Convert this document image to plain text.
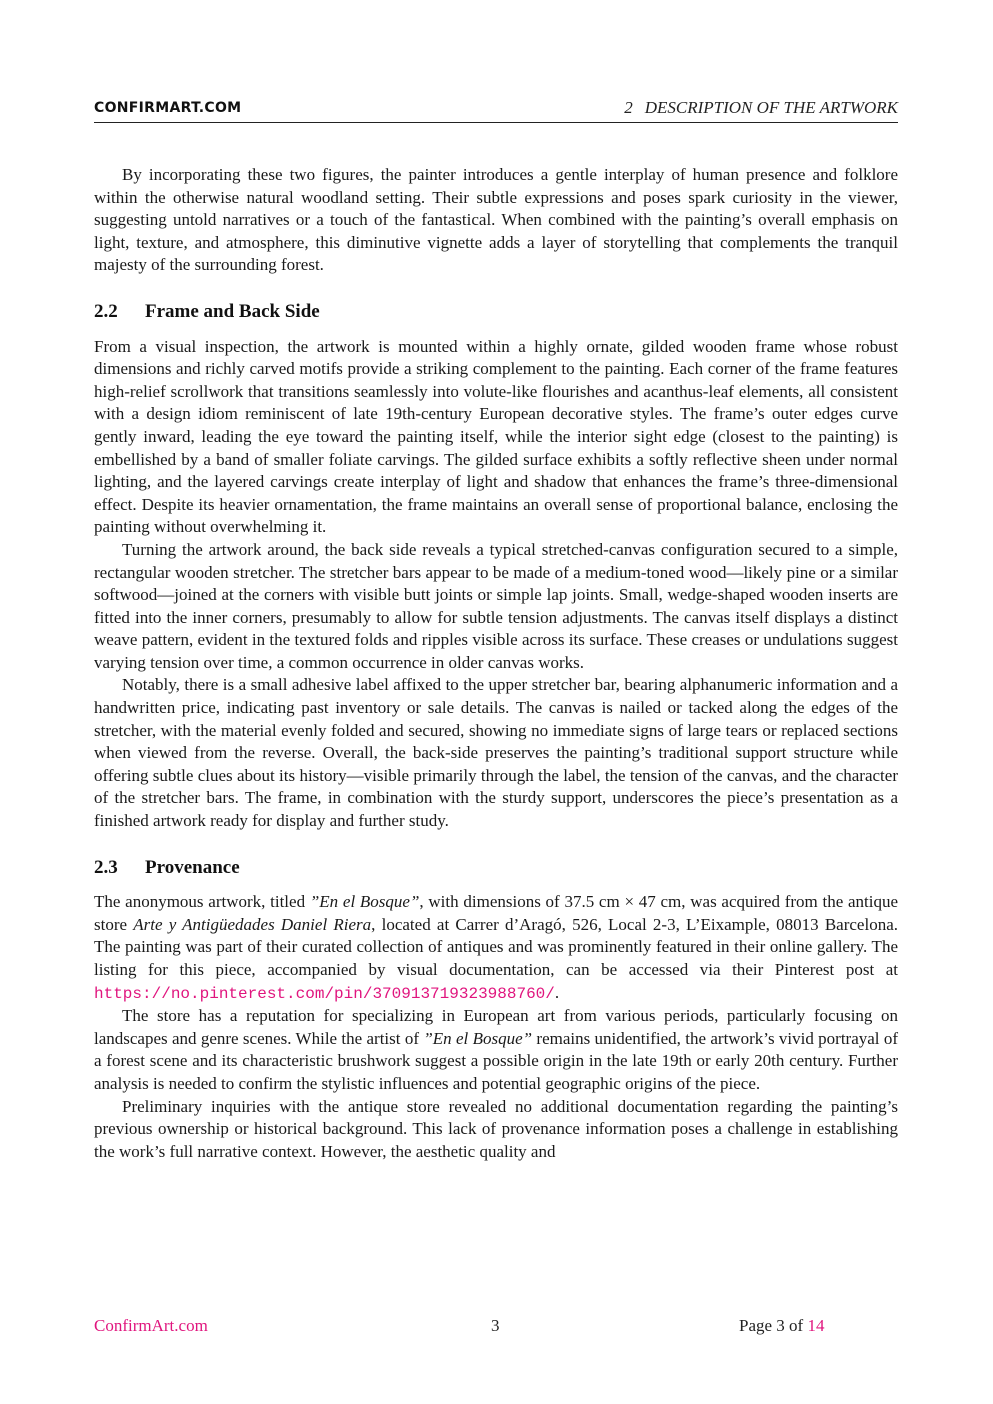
CONFIRMART.COM	2 DESCRIPTION OF THE ARTWORK

By incorporating these two figures, the painter introduces a gentle interplay of human presence and folklore within the otherwise natural woodland setting. Their subtle expressions and poses spark curiosity in the viewer, suggesting untold narratives or a touch of the fantastical. When combined with the painting’s overall emphasis on light, texture, and atmosphere, this diminutive vignette adds a layer of storytelling that complements the tranquil majesty of the surrounding forest.

2.2 Frame and Back Side

From a visual inspection, the artwork is mounted within a highly ornate, gilded wooden frame whose robust dimensions and richly carved motifs provide a striking complement to the painting. Each corner of the frame features high-relief scrollwork that transitions seamlessly into volute-like flourishes and acanthus-leaf elements, all consistent with a design idiom reminiscent of late 19th-century European decorative styles. The frame’s outer edges curve gently inward, leading the eye toward the painting itself, while the interior sight edge (closest to the painting) is embellished by a band of smaller foliate carvings. The gilded surface exhibits a softly reflective sheen under normal lighting, and the layered carvings create interplay of light and shadow that enhances the frame’s three-dimensional effect. Despite its heavier ornamentation, the frame maintains an overall sense of proportional balance, enclosing the painting without overwhelming it.

Turning the artwork around, the back side reveals a typical stretched-canvas configuration secured to a simple, rectangular wooden stretcher. The stretcher bars appear to be made of a medium-toned wood—likely pine or a similar softwood—joined at the corners with visible butt joints or simple lap joints. Small, wedge-shaped wooden inserts are fitted into the inner corners, presumably to allow for subtle tension adjustments. The canvas itself displays a distinct weave pattern, evident in the textured folds and ripples visible across its surface. These creases or undulations suggest varying tension over time, a common occurrence in older canvas works.

Notably, there is a small adhesive label affixed to the upper stretcher bar, bearing alphanumeric information and a handwritten price, indicating past inventory or sale details. The canvas is nailed or tacked along the edges of the stretcher, with the material evenly folded and secured, showing no immediate signs of large tears or replaced sections when viewed from the reverse. Overall, the back-side preserves the painting’s traditional support structure while offering subtle clues about its history—visible primarily through the label, the tension of the canvas, and the character of the stretcher bars. The frame, in combination with the sturdy support, underscores the piece’s presentation as a finished artwork ready for display and further study.

2.3 Provenance

The anonymous artwork, titled ”En el Bosque”, with dimensions of 37.5 cm × 47 cm, was acquired from the antique store Arte y Antigüedades Daniel Riera, located at Carrer d’Aragó, 526, Local 2-3, L’Eixample, 08013 Barcelona. The painting was part of their curated collection of antiques and was prominently featured in their online gallery. The listing for this piece, accompanied by visual documentation, can be accessed via their Pinterest post at https://no.pinterest.com/pin/370913719323988760/.

The store has a reputation for specializing in European art from various periods, particularly focusing on landscapes and genre scenes. While the artist of ”En el Bosque” remains unidentified, the artwork’s vivid portrayal of a forest scene and its characteristic brushwork suggest a possible origin in the late 19th or early 20th century. Further analysis is needed to confirm the stylistic influences and potential geographic origins of the piece.

Preliminary inquiries with the antique store revealed no additional documentation regarding the painting’s previous ownership or historical background. This lack of provenance information poses a challenge in establishing the work’s full narrative context. However, the aesthetic quality and

ConfirmArt.com	3	Page 3 of 14
